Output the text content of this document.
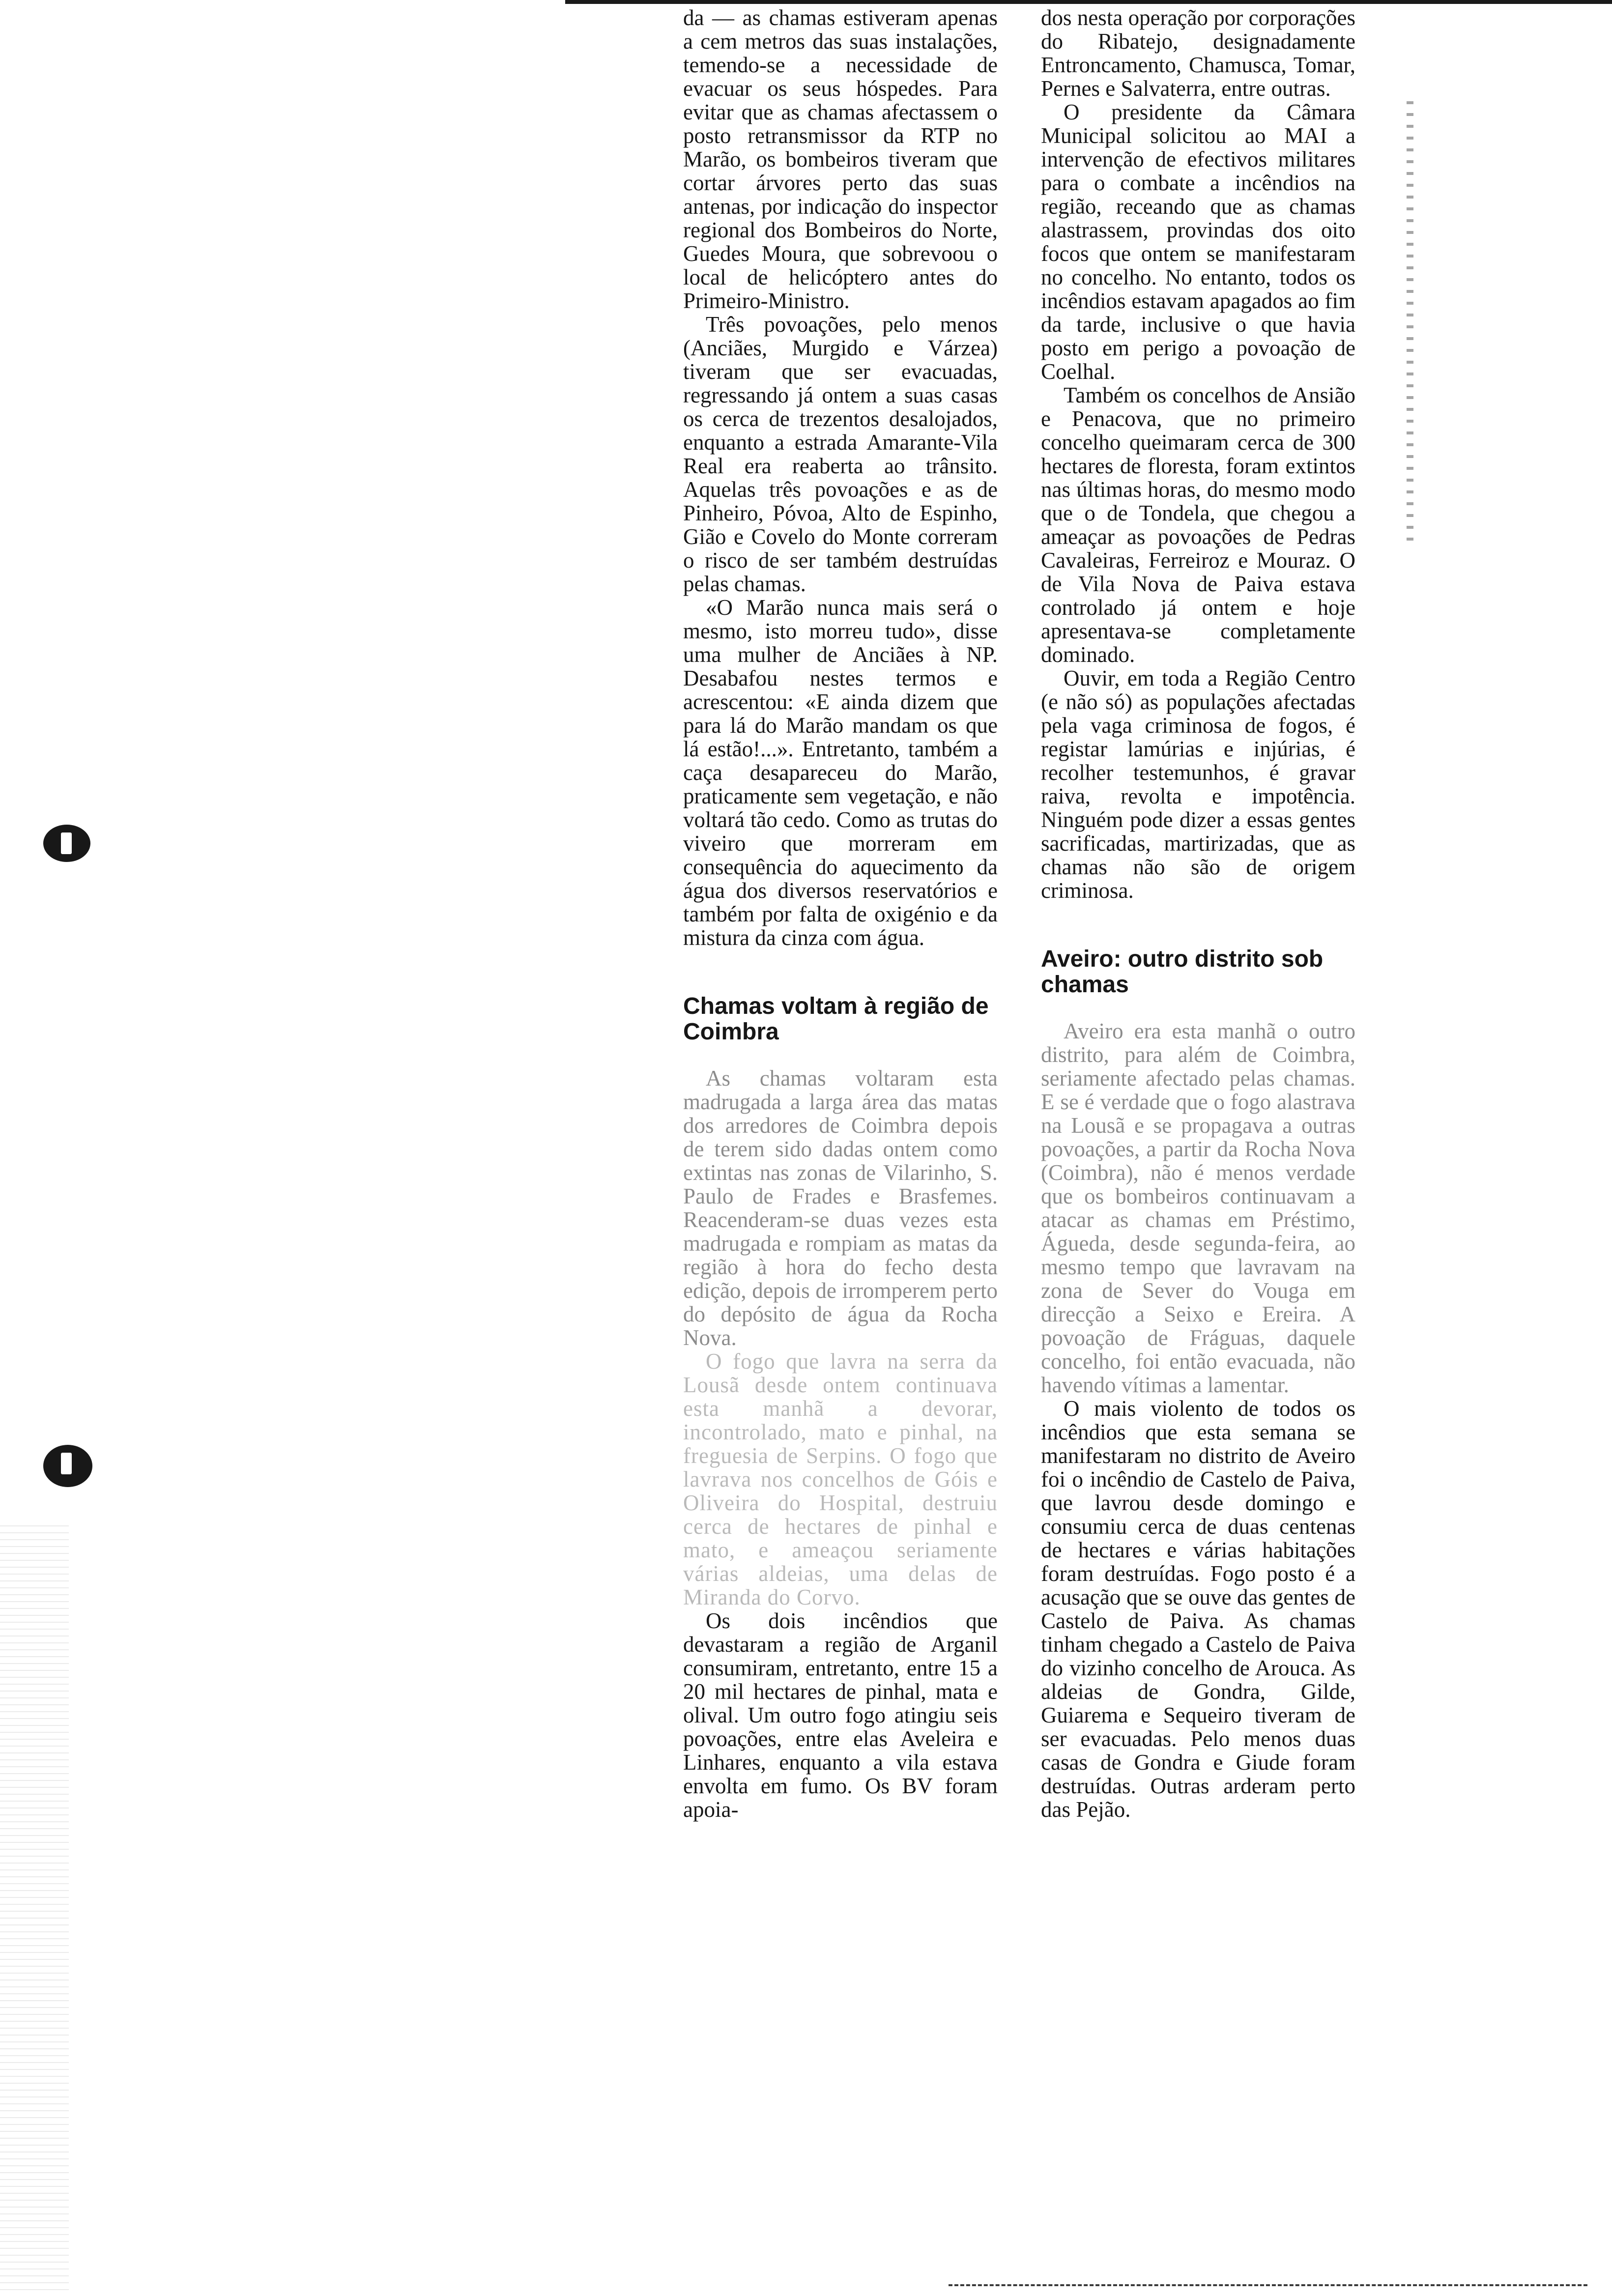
da — as chamas estiveram apenas a cem metros das suas instalações, temendo-se a necessidade de evacuar os seus hóspedes. Para evitar que as chamas afectassem o posto retransmissor da RTP no Marão, os bombeiros tiveram que cortar árvores perto das suas antenas, por indicação do inspector regional dos Bombeiros do Norte, Guedes Moura, que sobrevoou o local de helicóptero antes do Primeiro-Ministro.

Três povoações, pelo menos (Anciães, Murgido e Várzea) tiveram que ser evacuadas, regressando já ontem a suas casas os cerca de trezentos desalojados, enquanto a estrada Amarante-Vila Real era reaberta ao trânsito. Aquelas três povoações e as de Pinheiro, Póvoa, Alto de Espinho, Gião e Covelo do Monte correram o risco de ser também destruídas pelas chamas.

«O Marão nunca mais será o mesmo, isto morreu tudo», disse uma mulher de Anciães à NP. Desabafou nestes termos e acrescentou: «E ainda dizem que para lá do Marão mandam os que lá estão!...». Entretanto, também a caça desapareceu do Marão, praticamente sem vegetação, e não voltará tão cedo. Como as trutas do viveiro que morreram em consequência do aquecimento da água dos diversos reservatórios e também por falta de oxigénio e da mistura da cinza com água.

Chamas voltam à região de Coimbra

As chamas voltaram esta madrugada a larga área das matas dos arredores de Coimbra depois de terem sido dadas ontem como extintas nas zonas de Vilarinho, S. Paulo de Frades e Brasfemes. Reacenderam-se duas vezes esta madrugada e rompiam as matas da região à hora do fecho desta edição, depois de irromperem perto do depósito de água da Rocha Nova.

O fogo que lavra na serra da Lousã desde ontem continuava esta manhã a devorar, incontrolado, mato e pinhal, na freguesia de Serpins. O fogo que lavrava nos concelhos de Góis e Oliveira do Hospital, destruiu cerca de hectares de pinhal e mato, e ameaçou seriamente várias aldeias, uma delas de Miranda do Corvo.

Os dois incêndios que devastaram a região de Arganil consumiram, entretanto, entre 15 a 20 mil hectares de pinhal, mata e olival. Um outro fogo atingiu seis povoações, entre elas Aveleira e Linhares, enquanto a vila estava envolta em fumo. Os BV foram apoia-

dos nesta operação por corporações do Ribatejo, designadamente Entroncamento, Chamusca, Tomar, Pernes e Salvaterra, entre outras.

O presidente da Câmara Municipal solicitou ao MAI a intervenção de efectivos militares para o combate a incêndios na região, receando que as chamas alastrassem, provindas dos oito focos que ontem se manifestaram no concelho. No entanto, todos os incêndios estavam apagados ao fim da tarde, inclusive o que havia posto em perigo a povoação de Coelhal.

Também os concelhos de Ansião e Penacova, que no primeiro concelho queimaram cerca de 300 hectares de floresta, foram extintos nas últimas horas, do mesmo modo que o de Tondela, que chegou a ameaçar as povoações de Pedras Cavaleiras, Ferreiroz e Mouraz. O de Vila Nova de Paiva estava controlado já ontem e hoje apresentava-se completamente dominado.

Ouvir, em toda a Região Centro (e não só) as populações afectadas pela vaga criminosa de fogos, é registar lamúrias e injúrias, é recolher testemunhos, é gravar raiva, revolta e impotência. Ninguém pode dizer a essas gentes sacrificadas, martirizadas, que as chamas não são de origem criminosa.

Aveiro: outro distrito sob chamas

Aveiro era esta manhã o outro distrito, para além de Coimbra, seriamente afectado pelas chamas. E se é verdade que o fogo alastrava na Lousã e se propagava a outras povoações, a partir da Rocha Nova (Coimbra), não é menos verdade que os bombeiros continuavam a atacar as chamas em Préstimo, Águeda, desde segunda-feira, ao mesmo tempo que lavravam na zona de Sever do Vouga em direcção a Seixo e Ereira. A povoação de Fráguas, daquele concelho, foi então evacuada, não havendo vítimas a lamentar.

O mais violento de todos os incêndios que esta semana se manifestaram no distrito de Aveiro foi o incêndio de Castelo de Paiva, que lavrou desde domingo e consumiu cerca de duas centenas de hectares e várias habitações foram destruídas. Fogo posto é a acusação que se ouve das gentes de Castelo de Paiva. As chamas tinham chegado a Castelo de Paiva do vizinho concelho de Arouca. As aldeias de Gondra, Gilde, Guiarema e Sequeiro tiveram de ser evacuadas. Pelo menos duas casas de Gondra e Giude foram destruídas. Outras arderam perto das Pejão.
